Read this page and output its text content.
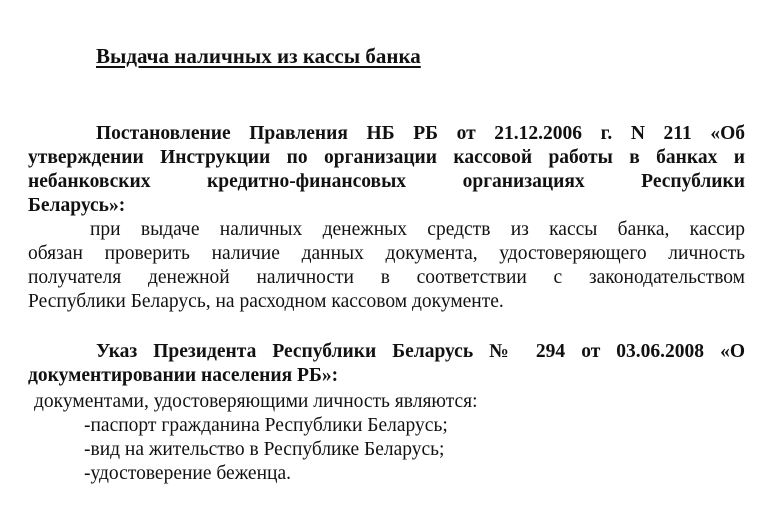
Выдача наличных из кассы банка
Постановление Правления НБ РБ от 21.12.2006 г. N 211 «Об
утверждении Инструкции по организации кассовой работы в банках и
небанковских кредитно-финансовых организациях Республики
Беларусь»:
при выдаче наличных денежных средств из кассы банка, кассир
обязан проверить наличие данных документа, удостоверяющего личность
получателя денежной наличности в соответствии с законодательством
Республики Беларусь, на расходном кассовом документе.
Указ Президента Республики Беларусь № 294 от 03.06.2008 «О
документировании населения РБ»:
документами, удостоверяющими личность являются:
-паспорт гражданина Республики Беларусь;
-вид на жительство в Республике Беларусь;
-удостоверение беженца.
